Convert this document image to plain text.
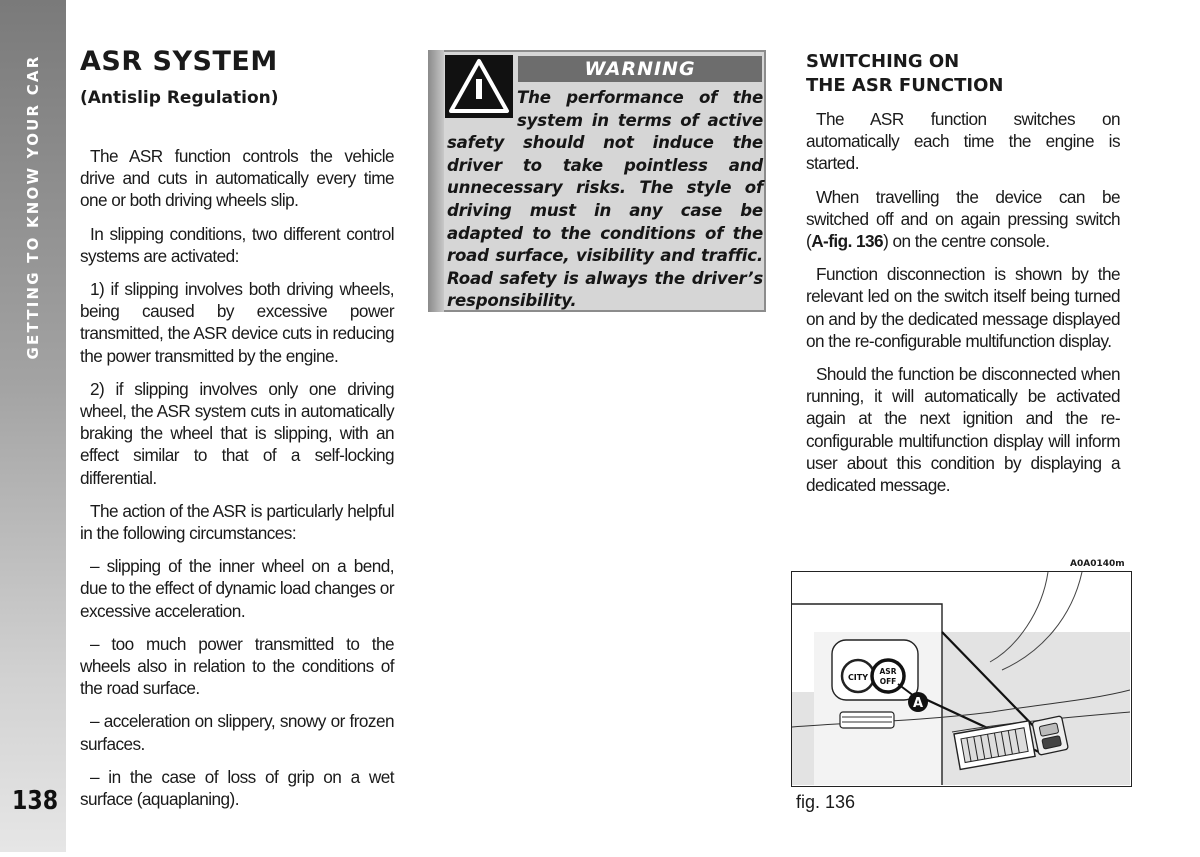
GETTING TO KNOW YOUR CAR
138
ASR SYSTEM
(Antislip Regulation)

The ASR function controls the vehicle drive and cuts in automatically every time one or both driving wheels slip.

In slipping conditions, two different control systems are activated:

1) if slipping involves both driving wheels, being caused by excessive power transmitted, the ASR device cuts in reducing the power transmitted by the engine.

2) if slipping involves only one driving wheel, the ASR system cuts in automatically braking the wheel that is slipping, with an effect similar to that of a self-locking differential.

The action of the ASR is particularly helpful in the following circumstances:

– slipping of the inner wheel on a bend, due to the effect of dynamic load changes or excessive acceleration.

– too much power transmitted to the wheels also in relation to the conditions of the road surface.

– acceleration on slippery, snowy or frozen surfaces.

– in the case of loss of grip on a wet surface (aquaplaning).

WARNING
The performance of the system in terms of active safety should not induce the driver to take pointless and unnecessary risks. The style of driving must in any case be adapted to the conditions of the road surface, visibility and traffic. Road safety is always the driver’s responsibility.
SWITCHING ON
THE ASR FUNCTION

The ASR function switches on automatically each time the engine is started.

When travelling the device can be switched off and on again pressing switch (A-fig. 136) on the centre console.

Function disconnection is shown by the relevant led on the switch itself being turned on and by the dedicated message displayed on the re-configurable multifunction display.

Should the function be disconnected when running, it will automatically be activated again at the next ignition and the re-configurable multifunction display will inform user about this condition by displaying a dedicated message.

A0A0140m
CITY
ASR
OFF
A
fig. 136
